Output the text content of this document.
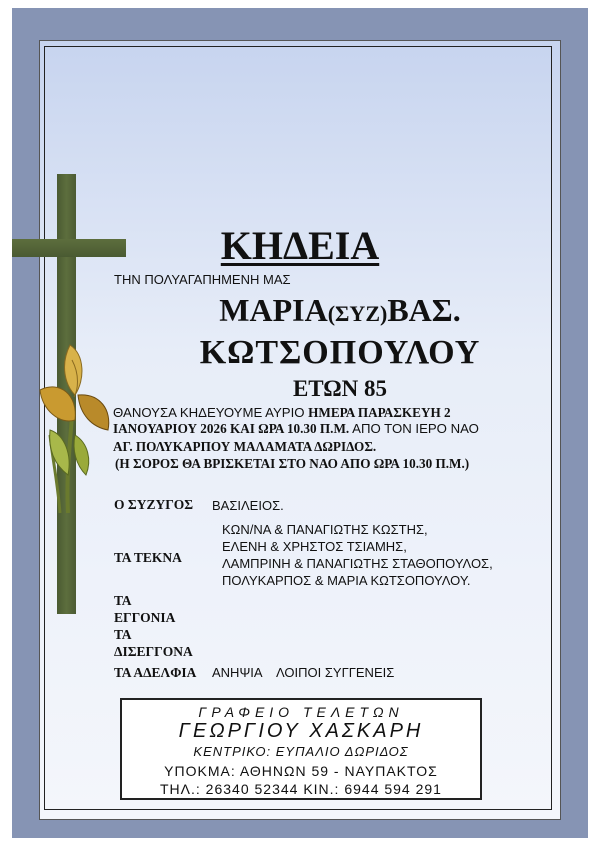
ΚΗΔΕΙΑ
ΤΗΝ ΠΟΛΥΑΓΑΠΗΜΕΝΗ ΜΑΣ
ΜΑΡΙΑ(ΣΥΖ)ΒΑΣ.
ΚΩΤΣΟΠΟΥΛΟΥ
ΕΤΩΝ 85
ΘΑΝΟΥΣΑ ΚΗΔΕΥΟΥΜΕ ΑΥΡΙΟ ΗΜΕΡΑ ΠΑΡΑΣΚΕΥΗ 2
ΙΑΝΟΥΑΡΙΟΥ 2026 ΚΑΙ ΩΡΑ 10.30 Π.Μ. ΑΠΟ ΤΟΝ ΙΕΡΟ ΝΑΟ
ΑΓ. ΠΟΛΥΚΑΡΠΟΥ ΜΑΛΑΜΑΤΑ ΔΩΡΙΔΟΣ.
(Η ΣΟΡΟΣ ΘΑ ΒΡΙΣΚΕΤΑΙ ΣΤΟ ΝΑΟ ΑΠΟ ΩΡΑ 10.30 Π.Μ.)
Ο ΣΥΖΥΓΟΣ ΒΑΣΙΛΕΙΟΣ.
ΤΑ ΤΕΚΝΑ
ΚΩΝ/ΝΑ & ΠΑΝΑΓΙΩΤΗΣ ΚΩΣΤΗΣ,
ΕΛΕΝΗ & ΧΡΗΣΤΟΣ ΤΣΙΑΜΗΣ,
ΛΑΜΠΡΙΝΗ & ΠΑΝΑΓΙΩΤΗΣ ΣΤΑΘΟΠΟΥΛΟΣ,
ΠΟΛΥΚΑΡΠΟΣ & ΜΑΡΙΑ ΚΩΤΣΟΠΟΥΛΟΥ.
ΤΑ
ΕΓΓΟΝΙΑ
ΤΑ
ΔΙΣΕΓΓΟΝΑ
ΤΑ ΑΔΕΛΦΙΑ ΑΝΗΨΙΑ ΛΟΙΠΟΙ ΣΥΓΓΕΝΕΙΣ
ΓΡΑΦΕΙΟ ΤΕΛΕΤΩΝ
ΓΕΩΡΓΙΟΥ ΧΑΣΚΑΡΗ
ΚΕΝΤΡΙΚΟ: ΕΥΠΑΛΙΟ ΔΩΡΙΔΟΣ
ΥΠΟΚΜΑ: ΑΘΗΝΩΝ 59 - ΝΑΥΠΑΚΤΟΣ
ΤΗΛ.: 26340 52344 ΚΙΝ.: 6944 594 291
